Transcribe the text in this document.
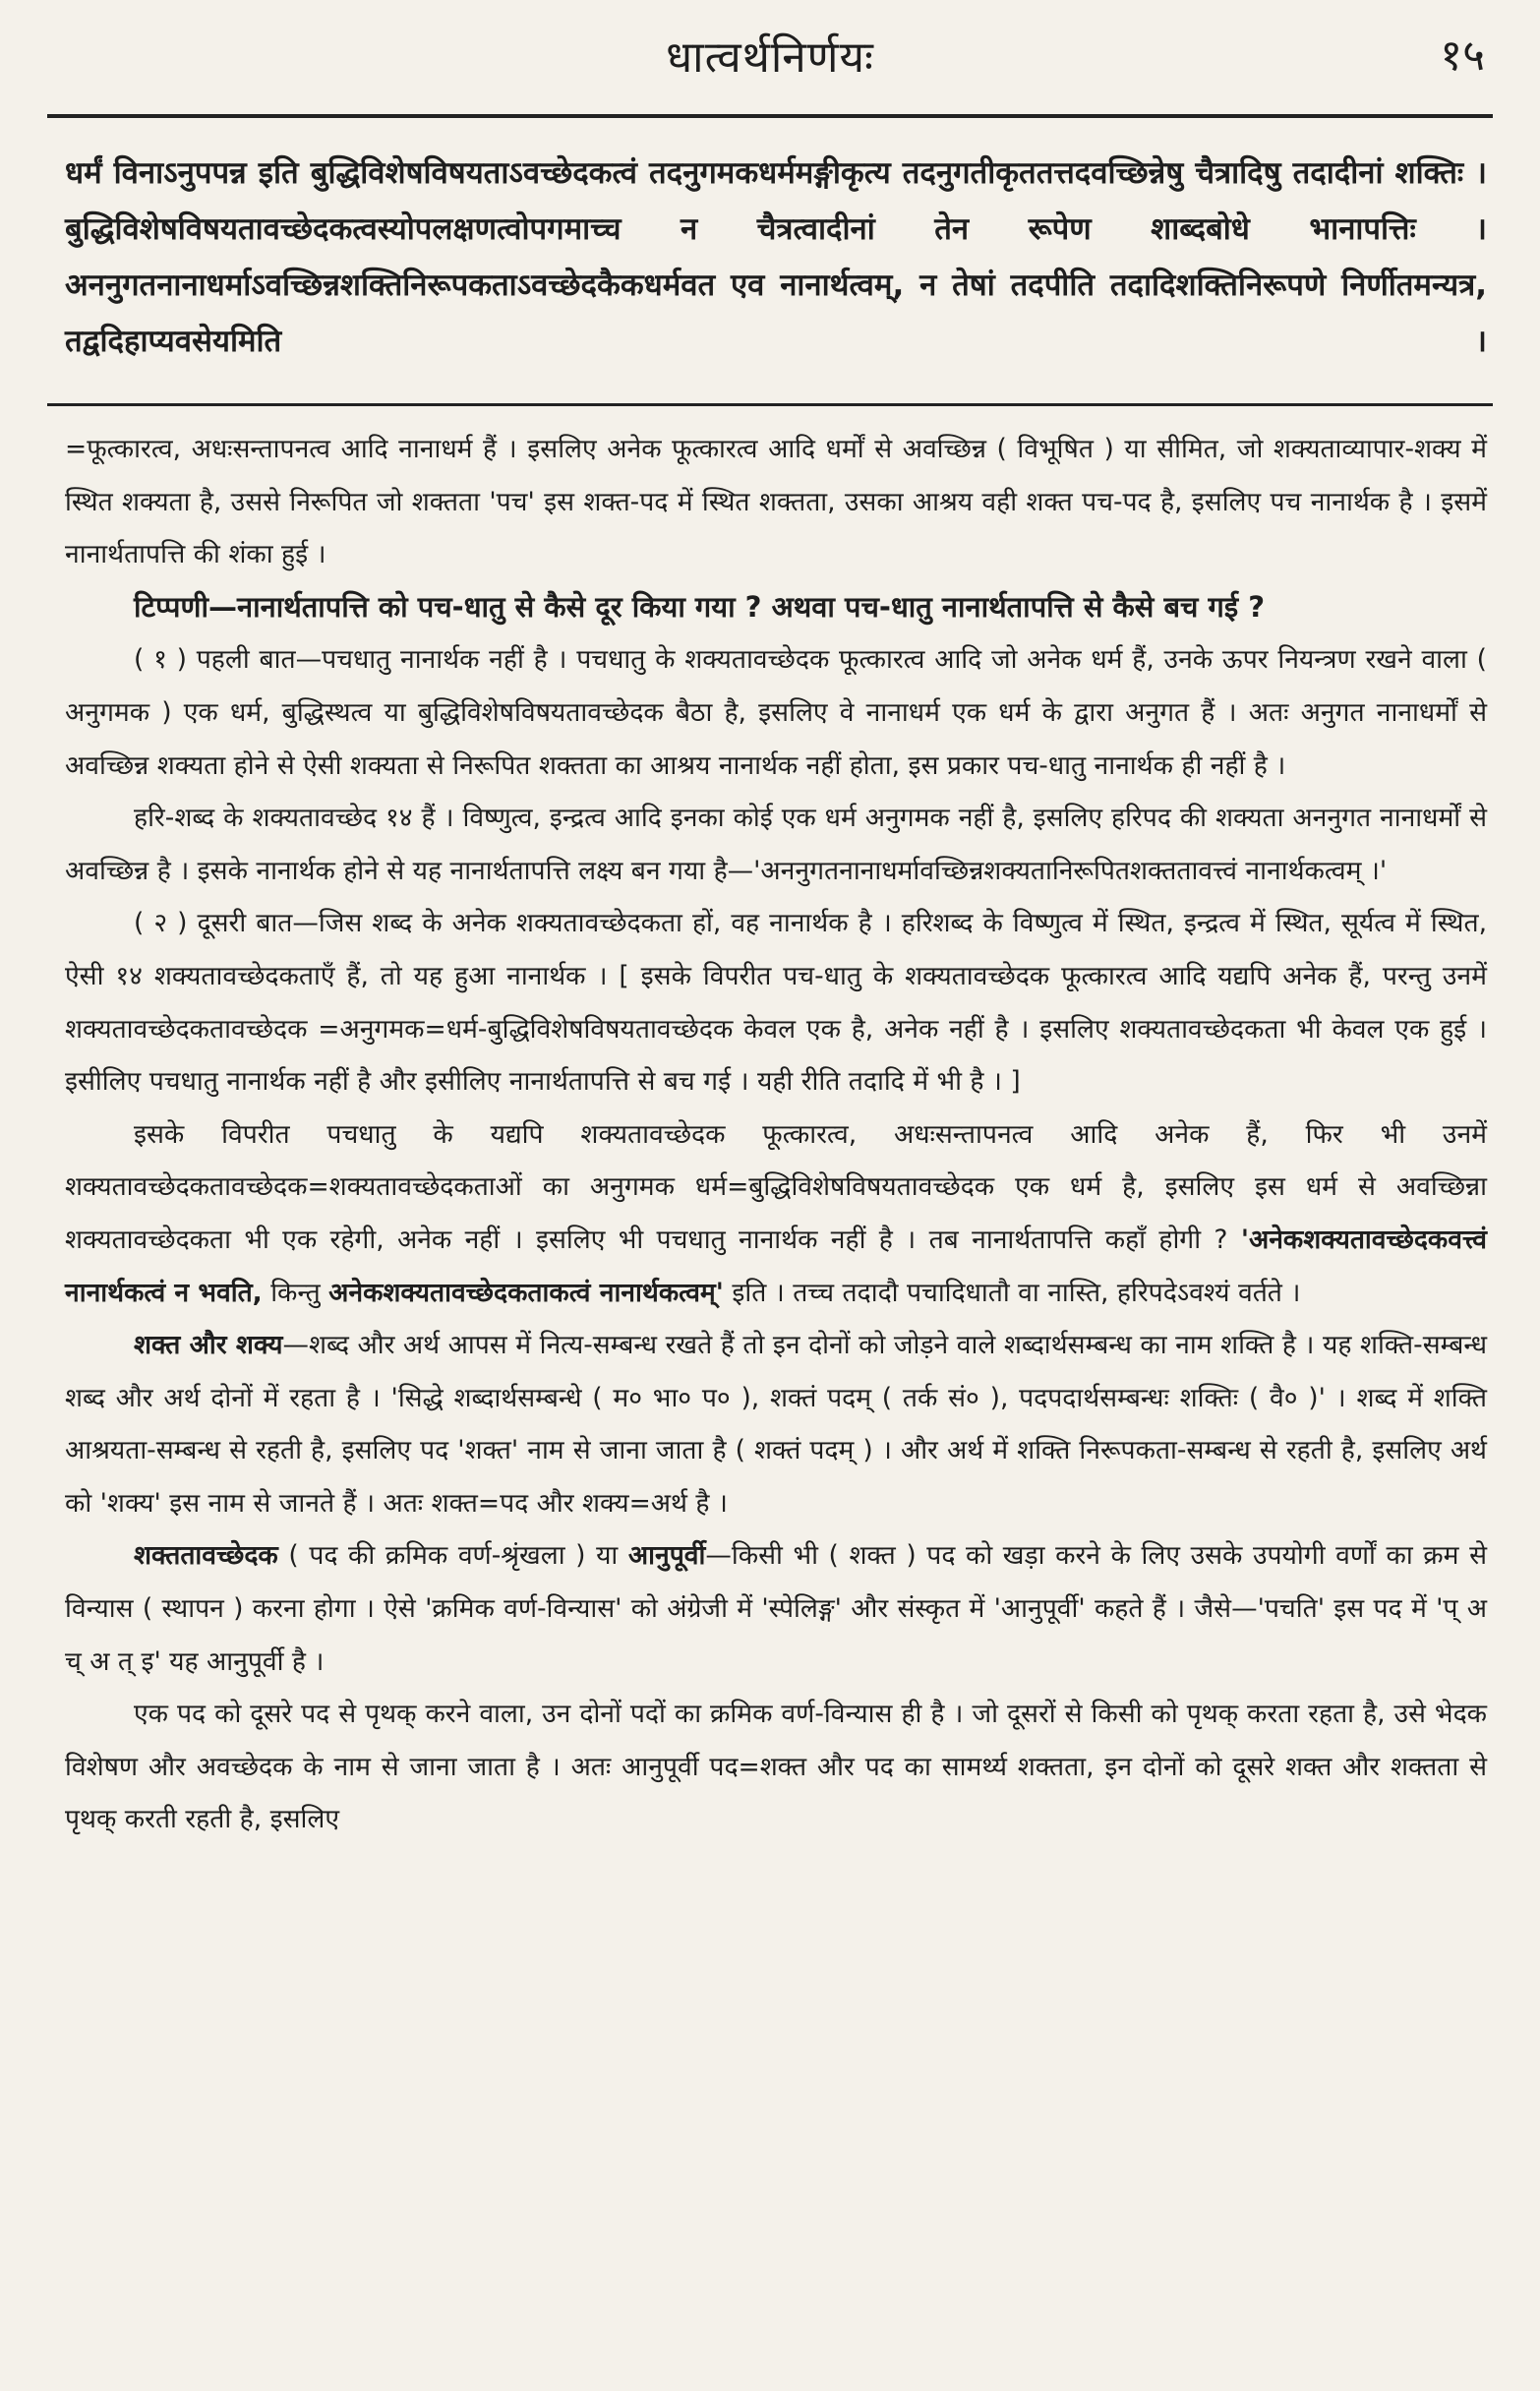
धात्वर्थनिर्णयः	१५

धर्मं विनाऽनुपपन्न इति बुद्धिविशेषविषयताऽवच्छेदकत्वं तदनुगमकधर्ममङ्गीकृत्य तदनुगतीकृततत्तदवच्छिन्नेषु चैत्रादिषु तदादीनां शक्तिः । बुद्धिविशेषविषयतावच्छेदकत्वस्योपलक्षणत्वोपगमाच्च न चैत्रत्वादीनां तेन रूपेण शाब्दबोधे भानापत्तिः । अननुगतनानाधर्माऽवच्छिन्नशक्तिनिरूपकताऽवच्छेदकैकधर्मवत एव नानार्थत्वम्, न तेषां तदपीति तदादिशक्तिनिरूपणे निर्णीतमन्यत्र, तद्वदिहाप्यवसेयमिति ।

=फूत्कारत्व, अधःसन्तापनत्व आदि नानाधर्म हैं । इसलिए अनेक फूत्कारत्व आदि धर्मों से अवच्छिन्न ( विभूषित ) या सीमित, जो शक्यताव्यापार-शक्य में स्थित शक्यता है, उससे निरूपित जो शक्तता 'पच' इस शक्त-पद में स्थित शक्तता, उसका आश्रय वही शक्त पच-पद है, इसलिए पच नानार्थक है । इसमें नानार्थतापत्ति की शंका हुई ।

टिप्पणी—नानार्थतापत्ति को पच-धातु से कैसे दूर किया गया ? अथवा पच-धातु नानार्थतापत्ति से कैसे बच गई ?

( १ ) पहली बात—पचधातु नानार्थक नहीं है । पचधातु के शक्यतावच्छेदक फूत्कारत्व आदि जो अनेक धर्म हैं, उनके ऊपर नियन्त्रण रखने वाला ( अनुगमक ) एक धर्म, बुद्धिस्थत्व या बुद्धिविशेषविषयतावच्छेदक बैठा है, इसलिए वे नानाधर्म एक धर्म के द्वारा अनुगत हैं । अतः अनुगत नानाधर्मों से अवच्छिन्न शक्यता होने से ऐसी शक्यता से निरूपित शक्तता का आश्रय नानार्थक नहीं होता, इस प्रकार पच-धातु नानार्थक ही नहीं है ।

हरि-शब्द के शक्यतावच्छेद १४ हैं । विष्णुत्व, इन्द्रत्व आदि इनका कोई एक धर्म अनुगमक नहीं है, इसलिए हरिपद की शक्यता अननुगत नानाधर्मों से अवच्छिन्न है । इसके नानार्थक होने से यह नानार्थतापत्ति लक्ष्य बन गया है—'अननुगतनानाधर्मावच्छिन्नशक्यतानिरूपितशक्ततावत्त्वं नानार्थकत्वम् ।'

( २ ) दूसरी बात—जिस शब्द के अनेक शक्यतावच्छेदकता हों, वह नानार्थक है । हरिशब्द के विष्णुत्व में स्थित, इन्द्रत्व में स्थित, सूर्यत्व में स्थित, ऐसी १४ शक्यतावच्छेदकताएँ हैं, तो यह हुआ नानार्थक । [ इसके विपरीत पच-धातु के शक्यतावच्छेदक फूत्कारत्व आदि यद्यपि अनेक हैं, परन्तु उनमें शक्यतावच्छेदकतावच्छेदक =अनुगमक=धर्म-बुद्धिविशेषविषयतावच्छेदक केवल एक है, अनेक नहीं है । इसलिए शक्यतावच्छेदकता भी केवल एक हुई । इसीलिए पचधातु नानार्थक नहीं है और इसीलिए नानार्थतापत्ति से बच गई । यही रीति तदादि में भी है । ]

इसके विपरीत पचधातु के यद्यपि शक्यतावच्छेदक फूत्कारत्व, अधःसन्तापनत्व आदि अनेक हैं, फिर भी उनमें शक्यतावच्छेदकतावच्छेदक=शक्यतावच्छेदकताओं का अनुगमक धर्म=बुद्धिविशेषविषयतावच्छेदक एक धर्म है, इसलिए इस धर्म से अवच्छिन्ना शक्यतावच्छेदकता भी एक रहेगी, अनेक नहीं । इसलिए भी पचधातु नानार्थक नहीं है । तब नानार्थतापत्ति कहाँ होगी ? 'अनेकशक्यतावच्छेदकवत्त्वं नानार्थकत्वं न भवति, किन्तु अनेकशक्यतावच्छेदकताकत्वं नानार्थकत्वम्' इति । तच्च तदादौ पचादिधातौ वा नास्ति, हरिपदेऽवश्यं वर्तते ।

शक्त और शक्य—शब्द और अर्थ आपस में नित्य-सम्बन्ध रखते हैं तो इन दोनों को जोड़ने वाले शब्दार्थसम्बन्ध का नाम शक्ति है । यह शक्ति-सम्बन्ध शब्द और अर्थ दोनों में रहता है । 'सिद्धे शब्दार्थसम्बन्धे ( म० भा० प० ), शक्तं पदम् ( तर्क सं० ), पदपदार्थसम्बन्धः शक्तिः ( वै० )' । शब्द में शक्ति आश्रयता-सम्बन्ध से रहती है, इसलिए पद 'शक्त' नाम से जाना जाता है ( शक्तं पदम् ) । और अर्थ में शक्ति निरूपकता-सम्बन्ध से रहती है, इसलिए अर्थ को 'शक्य' इस नाम से जानते हैं । अतः शक्त=पद और शक्य=अर्थ है ।

शक्ततावच्छेदक ( पद की क्रमिक वर्ण-श्रृंखला ) या आनुपूर्वी—किसी भी ( शक्त ) पद को खड़ा करने के लिए उसके उपयोगी वर्णों का क्रम से विन्यास ( स्थापन ) करना होगा । ऐसे 'क्रमिक वर्ण-विन्यास' को अंग्रेजी में 'स्पेलिङ्ग' और संस्कृत में 'आनुपूर्वी' कहते हैं । जैसे—'पचति' इस पद में 'प् अ च् अ त् इ' यह आनुपूर्वी है ।

एक पद को दूसरे पद से पृथक् करने वाला, उन दोनों पदों का क्रमिक वर्ण-विन्यास ही है । जो दूसरों से किसी को पृथक् करता रहता है, उसे भेदक विशेषण और अवच्छेदक के नाम से जाना जाता है । अतः आनुपूर्वी पद=शक्त और पद का सामर्थ्य शक्तता, इन दोनों को दूसरे शक्त और शक्तता से पृथक् करती रहती है, इसलिए
